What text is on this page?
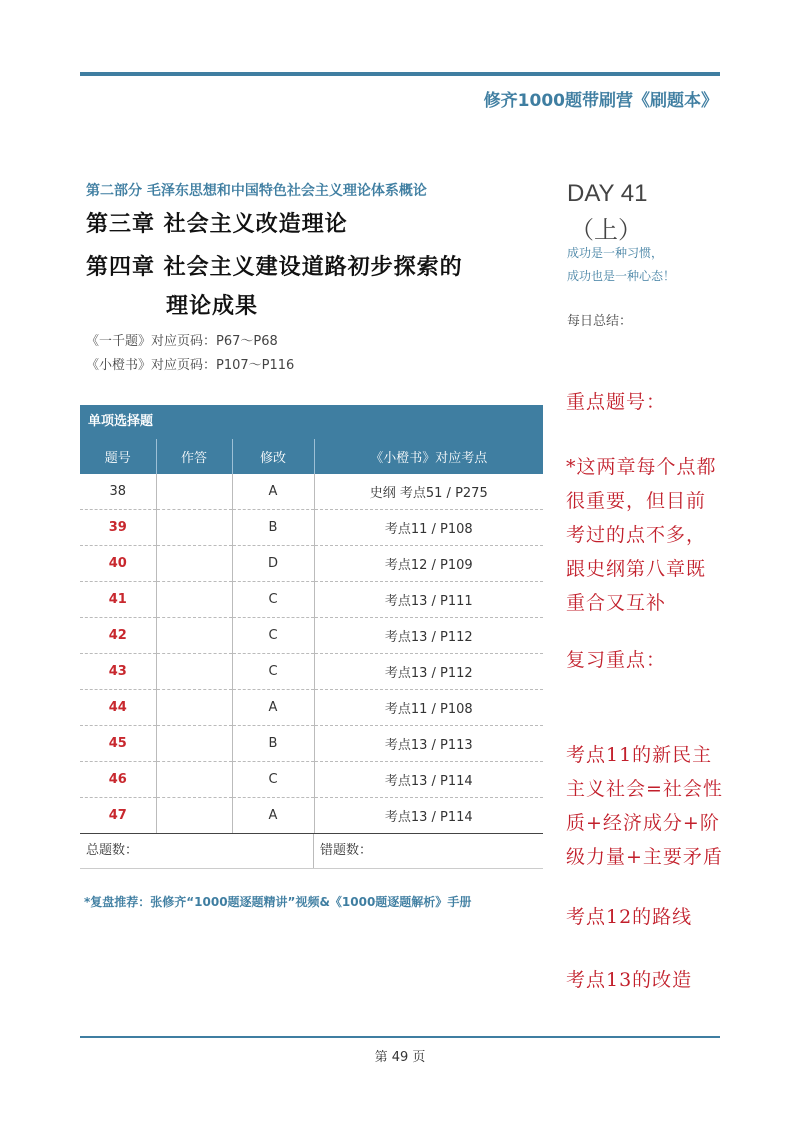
修齐1000题带刷营《刷题本》
第二部分 毛泽东思想和中国特色社会主义理论体系概论
第三章 社会主义改造理论
第四章 社会主义建设道路初步探索的
理论成果
《一千题》对应页码：P67～P68
《小橙书》对应页码：P107～P116
DAY 41
（上）
成功是一种习惯，
成功也是一种心态！
每日总结：
单项选择题
题号	作答	修改	《小橙书》对应考点
38		A	史纲 考点51 / P275
39		B	考点11 / P108
40		D	考点12 / P109
41		C	考点13 / P111
42		C	考点13 / P112
43		C	考点13 / P112
44		A	考点11 / P108
45		B	考点13 / P113
46		C	考点13 / P114
47		A	考点13 / P114
总题数：	错题数：
*复盘推荐：张修齐“1000题逐题精讲”视频&《1000题逐题解析》手册
重点题号：
*这两章每个点都
很重要，但目前
考过的点不多，
跟史纲第八章既
重合又互补
复习重点：
考点11的新民主
主义社会=社会性
质+经济成分+阶
级力量+主要矛盾
考点12的路线
考点13的改造
第 49 页
